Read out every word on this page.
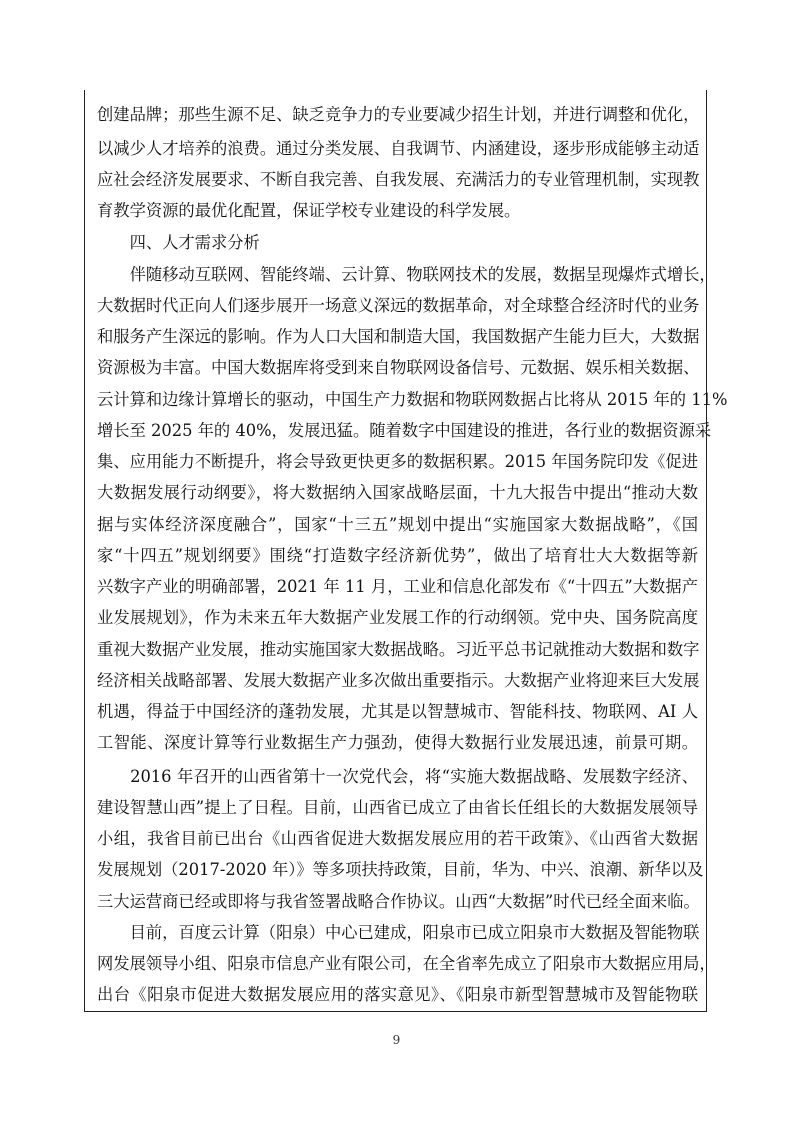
创建品牌；那些生源不足、缺乏竞争力的专业要减少招生计划，并进行调整和优化，
以减少人才培养的浪费。通过分类发展、自我调节、内涵建设，逐步形成能够主动适
应社会经济发展要求、不断自我完善、自我发展、充满活力的专业管理机制，实现教
育教学资源的最优化配置，保证学校专业建设的科学发展。
　　四、人才需求分析
　　伴随移动互联网、智能终端、云计算、物联网技术的发展，数据呈现爆炸式增长，
大数据时代正向人们逐步展开一场意义深远的数据革命，对全球整合经济时代的业务
和服务产生深远的影响。作为人口大国和制造大国，我国数据产生能力巨大，大数据
资源极为丰富。中国大数据库将受到来自物联网设备信号、元数据、娱乐相关数据、
云计算和边缘计算增长的驱动，中国生产力数据和物联网数据占比将从 2015 年的 11%
增长至 2025 年的 40%，发展迅猛。随着数字中国建设的推进，各行业的数据资源采
集、应用能力不断提升，将会导致更快更多的数据积累。2015 年国务院印发《促进
大数据发展行动纲要》，将大数据纳入国家战略层面，十九大报告中提出“推动大数
据与实体经济深度融合”，国家“十三五”规划中提出“实施国家大数据战略”，《国
家“十四五”规划纲要》围绕“打造数字经济新优势”，做出了培育壮大大数据等新
兴数字产业的明确部署，2021 年 11 月，工业和信息化部发布《“十四五”大数据产
业发展规划》，作为未来五年大数据产业发展工作的行动纲领。党中央、国务院高度
重视大数据产业发展，推动实施国家大数据战略。习近平总书记就推动大数据和数字
经济相关战略部署、发展大数据产业多次做出重要指示。大数据产业将迎来巨大发展
机遇，得益于中国经济的蓬勃发展，尤其是以智慧城市、智能科技、物联网、AI 人
工智能、深度计算等行业数据生产力强劲，使得大数据行业发展迅速，前景可期。
　　2016 年召开的山西省第十一次党代会，将“实施大数据战略、发展数字经济、
建设智慧山西”提上了日程。目前，山西省已成立了由省长任组长的大数据发展领导
小组，我省目前已出台《山西省促进大数据发展应用的若干政策》、《山西省大数据
发展规划（2017-2020 年）》等多项扶持政策，目前，华为、中兴、浪潮、新华以及
三大运营商已经或即将与我省签署战略合作协议。山西“大数据”时代已经全面来临。
　　目前，百度云计算（阳泉）中心已建成，阳泉市已成立阳泉市大数据及智能物联
网发展领导小组、阳泉市信息产业有限公司，在全省率先成立了阳泉市大数据应用局，
出台《阳泉市促进大数据发展应用的落实意见》、《阳泉市新型智慧城市及智能物联
9
